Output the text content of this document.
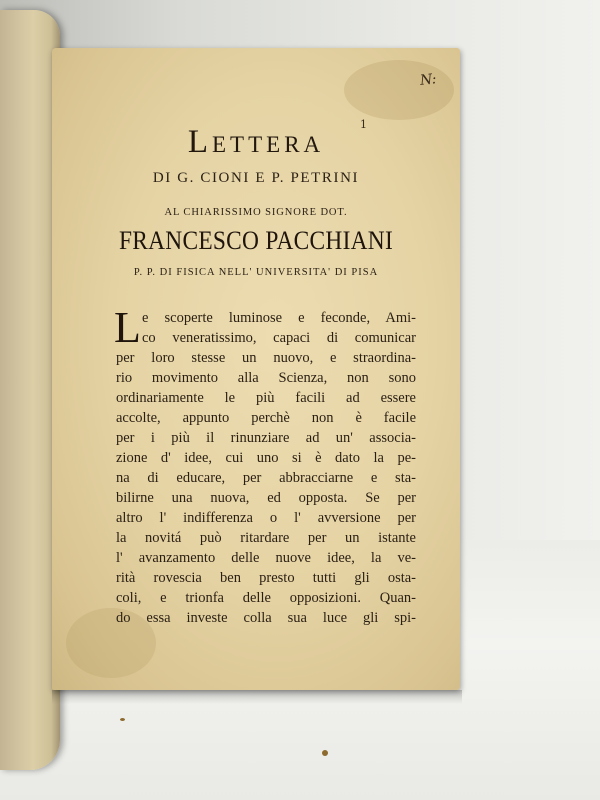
N:
1
Lettera
DI G. CIONI E P. PETRINI
AL CHIARISSIMO SIGNORE DOT.
FRANCESCO PACCHIANI
P. P. DI FISICA NELL' UNIVERSITA' DI PISA
L e scoperte luminose e feconde, Ami-
co veneratissimo, capaci di comunicar
per loro stesse un nuovo, e straordina-
rio movimento alla Scienza, non sono
ordinariamente le più facili ad essere
accolte, appunto perchè non è facile
per i più il rinunziare ad un' associa-
zione d' idee, cui uno si è dato la pe-
na di educare, per abbracciarne e sta-
bilirne una nuova, ed opposta. Se per
altro l' indifferenza o l' avversione per
la novitá può ritardare per un istante
l' avanzamento delle nuove idee, la ve-
rità rovescia ben presto tutti gli osta-
coli, e trionfa delle opposizioni. Quan-
do essa investe colla sua luce gli spi-
